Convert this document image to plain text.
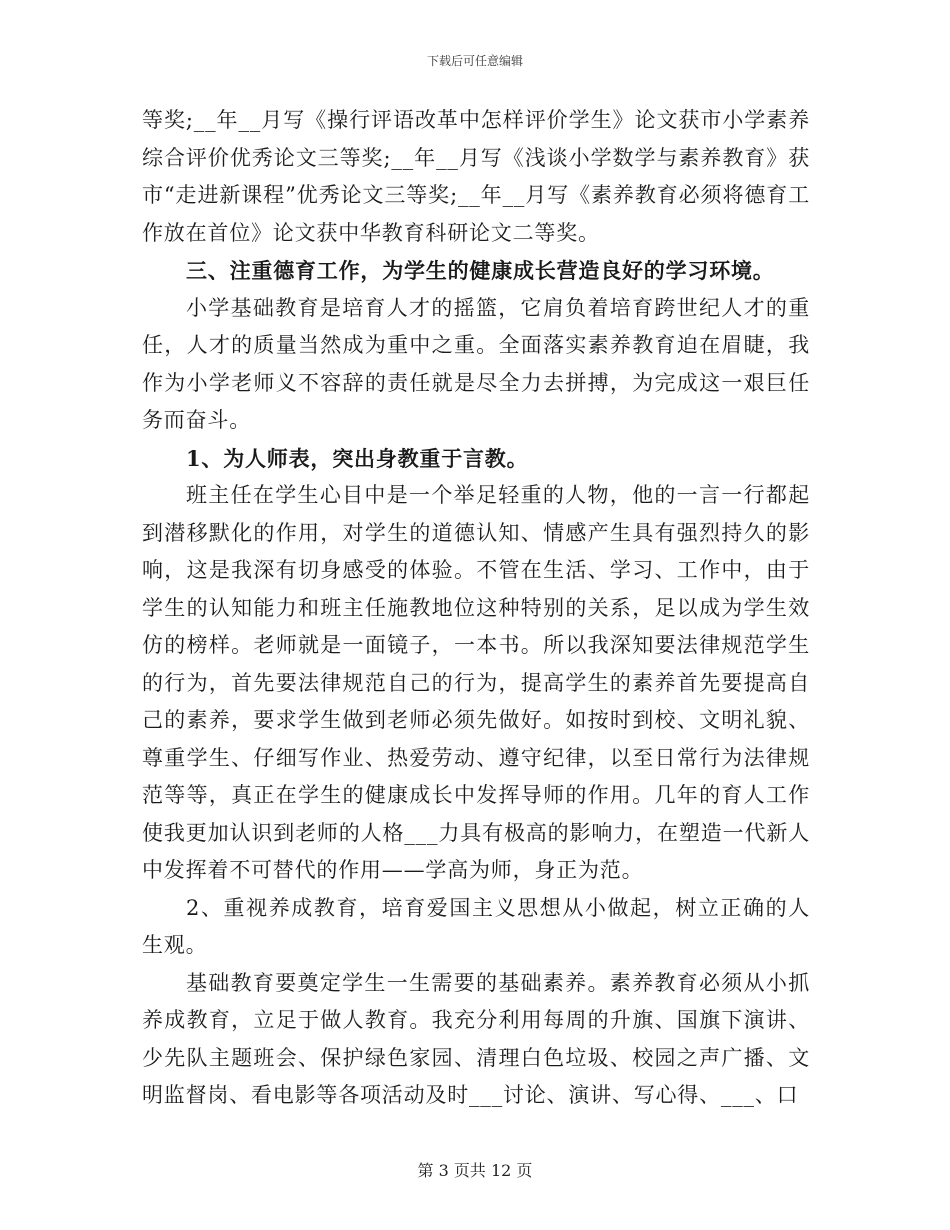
下载后可任意编辑

等奖;__年__月写《操行评语改革中怎样评价学生》论文获市小学素养综合评价优秀论文三等奖;__年__月写《浅谈小学数学与素养教育》获市“走进新课程”优秀论文三等奖;__年__月写《素养教育必须将德育工作放在首位》论文获中华教育科研论文二等奖。

三、注重德育工作，为学生的健康成长营造良好的学习环境。

小学基础教育是培育人才的摇篮，它肩负着培育跨世纪人才的重任，人才的质量当然成为重中之重。全面落实素养教育迫在眉睫，我作为小学老师义不容辞的责任就是尽全力去拼搏，为完成这一艰巨任务而奋斗。

1、为人师表，突出身教重于言教。

班主任在学生心目中是一个举足轻重的人物，他的一言一行都起到潜移默化的作用，对学生的道德认知、情感产生具有强烈持久的影响，这是我深有切身感受的体验。不管在生活、学习、工作中，由于学生的认知能力和班主任施教地位这种特别的关系，足以成为学生效仿的榜样。老师就是一面镜子，一本书。所以我深知要法律规范学生的行为，首先要法律规范自己的行为，提高学生的素养首先要提高自己的素养，要求学生做到老师必须先做好。如按时到校、文明礼貌、尊重学生、仔细写作业、热爱劳动、遵守纪律，以至日常行为法律规范等等，真正在学生的健康成长中发挥导师的作用。几年的育人工作使我更加认识到老师的人格___力具有极高的影响力，在塑造一代新人中发挥着不可替代的作用——学高为师，身正为范。

2、重视养成教育，培育爱国主义思想从小做起，树立正确的人生观。

基础教育要奠定学生一生需要的基础素养。素养教育必须从小抓养成教育，立足于做人教育。我充分利用每周的升旗、国旗下演讲、少先队主题班会、保护绿色家园、清理白色垃圾、校园之声广播、文明监督岗、看电影等各项活动及时___讨论、演讲、写心得、___、口

第 3 页共 12 页
